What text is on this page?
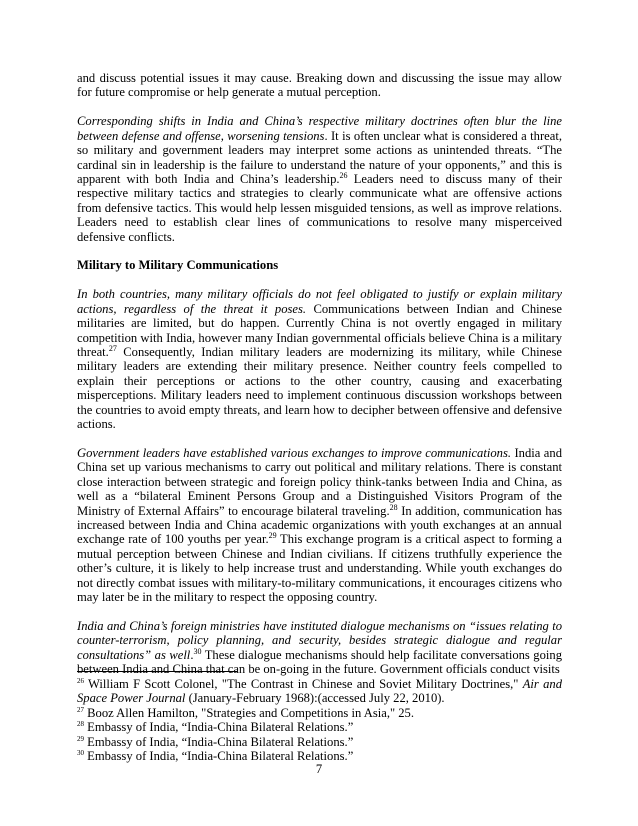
and discuss potential issues it may cause. Breaking down and discussing the issue may allow for future compromise or help generate a mutual perception.

Corresponding shifts in India and China’s respective military doctrines often blur the line between defense and offense, worsening tensions. It is often unclear what is considered a threat, so military and government leaders may interpret some actions as unintended threats. “The cardinal sin in leadership is the failure to understand the nature of your opponents,” and this is apparent with both India and China’s leadership.$^{26}$ Leaders need to discuss many of their respective military tactics and strategies to clearly communicate what are offensive actions from defensive tactics. This would help lessen misguided tensions, as well as improve relations. Leaders need to establish clear lines of communications to resolve many misperceived defensive conflicts.

Military to Military Communications

In both countries, many military officials do not feel obligated to justify or explain military actions, regardless of the threat it poses. Communications between Indian and Chinese militaries are limited, but do happen. Currently China is not overtly engaged in military competition with India, however many Indian governmental officials believe China is a military threat.$^{27}$ Consequently, Indian military leaders are modernizing its military, while Chinese military leaders are extending their military presence. Neither country feels compelled to explain their perceptions or actions to the other country, causing and exacerbating misperceptions. Military leaders need to implement continuous discussion workshops between the countries to avoid empty threats, and learn how to decipher between offensive and defensive actions.

Government leaders have established various exchanges to improve communications. India and China set up various mechanisms to carry out political and military relations. There is constant close interaction between strategic and foreign policy think-tanks between India and China, as well as a “bilateral Eminent Persons Group and a Distinguished Visitors Program of the Ministry of External Affairs” to encourage bilateral traveling.$^{28}$ In addition, communication has increased between India and China academic organizations with youth exchanges at an annual exchange rate of 100 youths per year.$^{29}$ This exchange program is a critical aspect to forming a mutual perception between Chinese and Indian civilians. If citizens truthfully experience the other’s culture, it is likely to help increase trust and understanding. While youth exchanges do not directly combat issues with military-to-military communications, it encourages citizens who may later be in the military to respect the opposing country.

India and China’s foreign ministries have instituted dialogue mechanisms on “issues relating to counter-terrorism, policy planning, and security, besides strategic dialogue and regular consultations” as well.$^{30}$ These dialogue mechanisms should help facilitate conversations going between India and China that can be on-going in the future. Government officials conduct visits

$^{26}$ William F Scott Colonel, "The Contrast in Chinese and Soviet Military Doctrines," Air and Space Power Journal (January-February 1968):(accessed July 22, 2010).

$^{27}$ Booz Allen Hamilton, "Strategies and Competitions in Asia," 25.

$^{28}$ Embassy of India, “India-China Bilateral Relations.”

$^{29}$ Embassy of India, “India-China Bilateral Relations.”

$^{30}$ Embassy of India, “India-China Bilateral Relations.”

7
